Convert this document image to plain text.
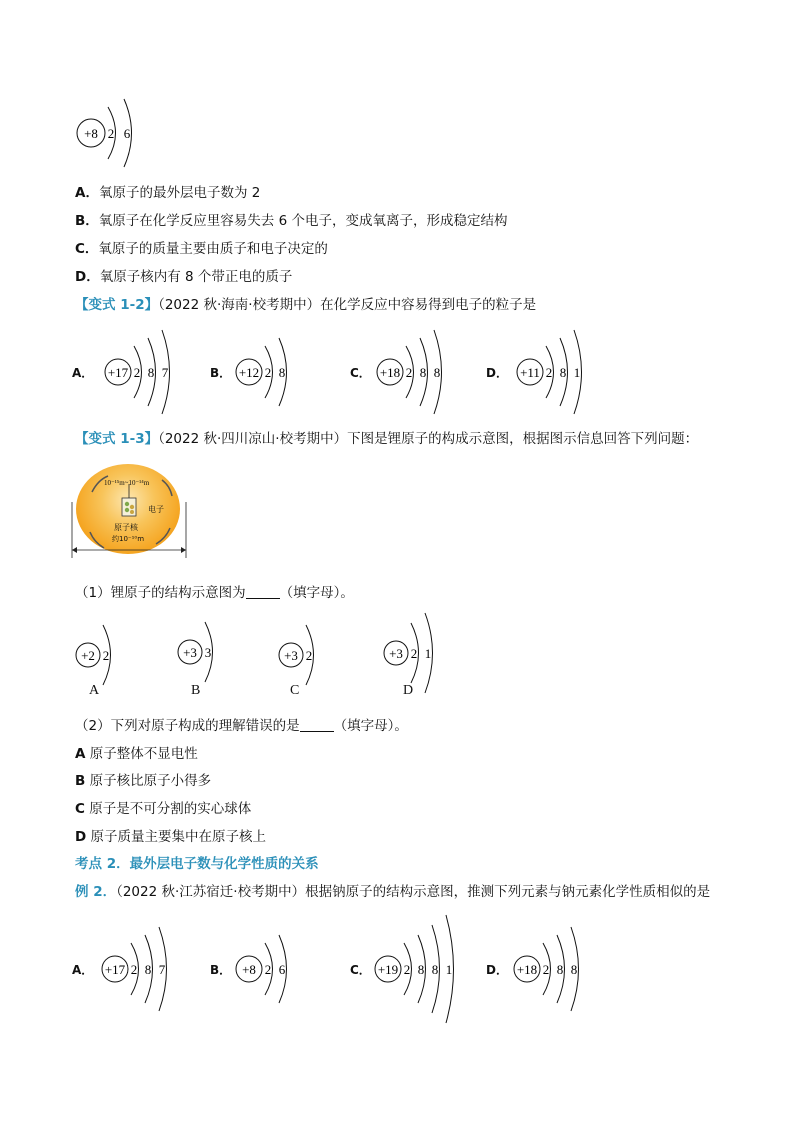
+8 2 6
A．氧原子的最外层电子数为 2
B．氧原子在化学反应里容易失去 6 个电子，变成氧离子，形成稳定结构
C．氧原子的质量主要由质子和电子决定的
D．氧原子核内有 8 个带正电的质子
【变式 1-2】（2022 秋·海南·校考期中）在化学反应中容易得到电子的粒子是
A． +17 2 8 7	B． +12 2 8	C． +18 2 8 8	D． +11 2 8 1
【变式 1-3】（2022 秋·四川凉山·校考期中）下图是锂原子的构成示意图，根据图示信息回答下列问题：
10⁻¹⁵m~10⁻¹⁴m
电子
原子核
约10⁻¹⁰m
（1）锂原子的结构示意图为	（填字母）。
+2 2	+3 3	+3 2	+3 2 1
A	B	C	D
（2）下列对原子构成的理解错误的是	（填字母）。
A 原子整体不显电性
B 原子核比原子小得多
C 原子是不可分割的实心球体
D 原子质量主要集中在原子核上
考点 2．最外层电子数与化学性质的关系
例 2．（2022 秋·江苏宿迁·校考期中）根据钠原子的结构示意图，推测下列元素与钠元素化学性质相似的是
A． +17 2 8 7	B． +8 2 6	C． +19 2 8 8 1	D． +18 2 8 8
